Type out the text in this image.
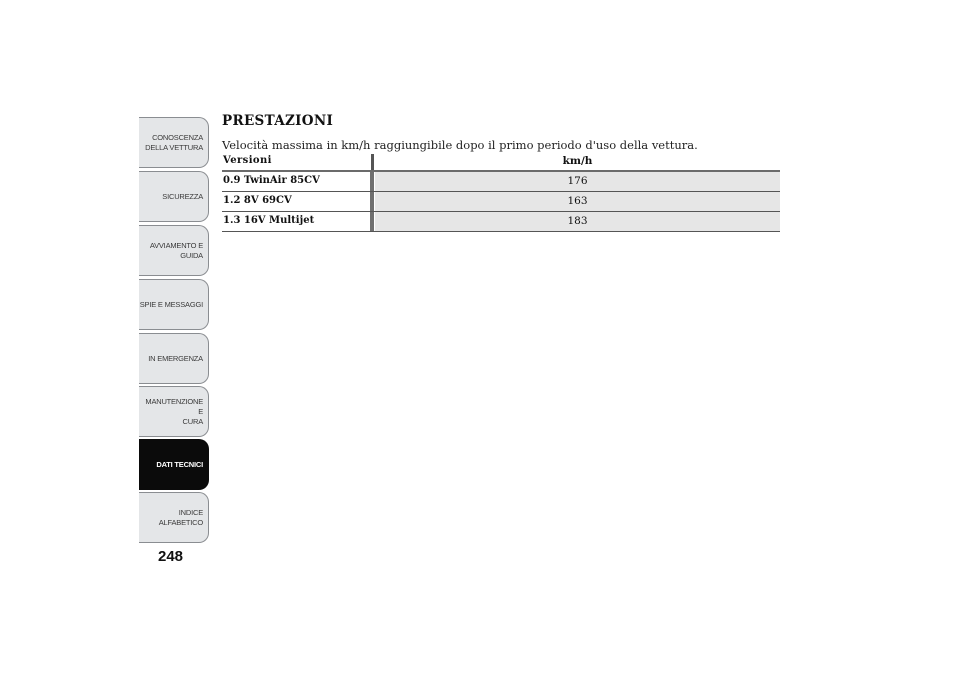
CONOSCENZA
DELLA VETTURA
SICUREZZA
AVVIAMENTO E
GUIDA
SPIE E MESSAGGI
IN EMERGENZA
MANUTENZIONE E
CURA
DATI TECNICI
INDICE
ALFABETICO
248
PRESTAZIONI
Velocità massima in km/h raggiungibile dopo il primo periodo d'uso della vettura.
Versioni	km/h
0.9 TwinAir 85CV	176
1.2 8V 69CV	163
1.3 16V Multijet	183
